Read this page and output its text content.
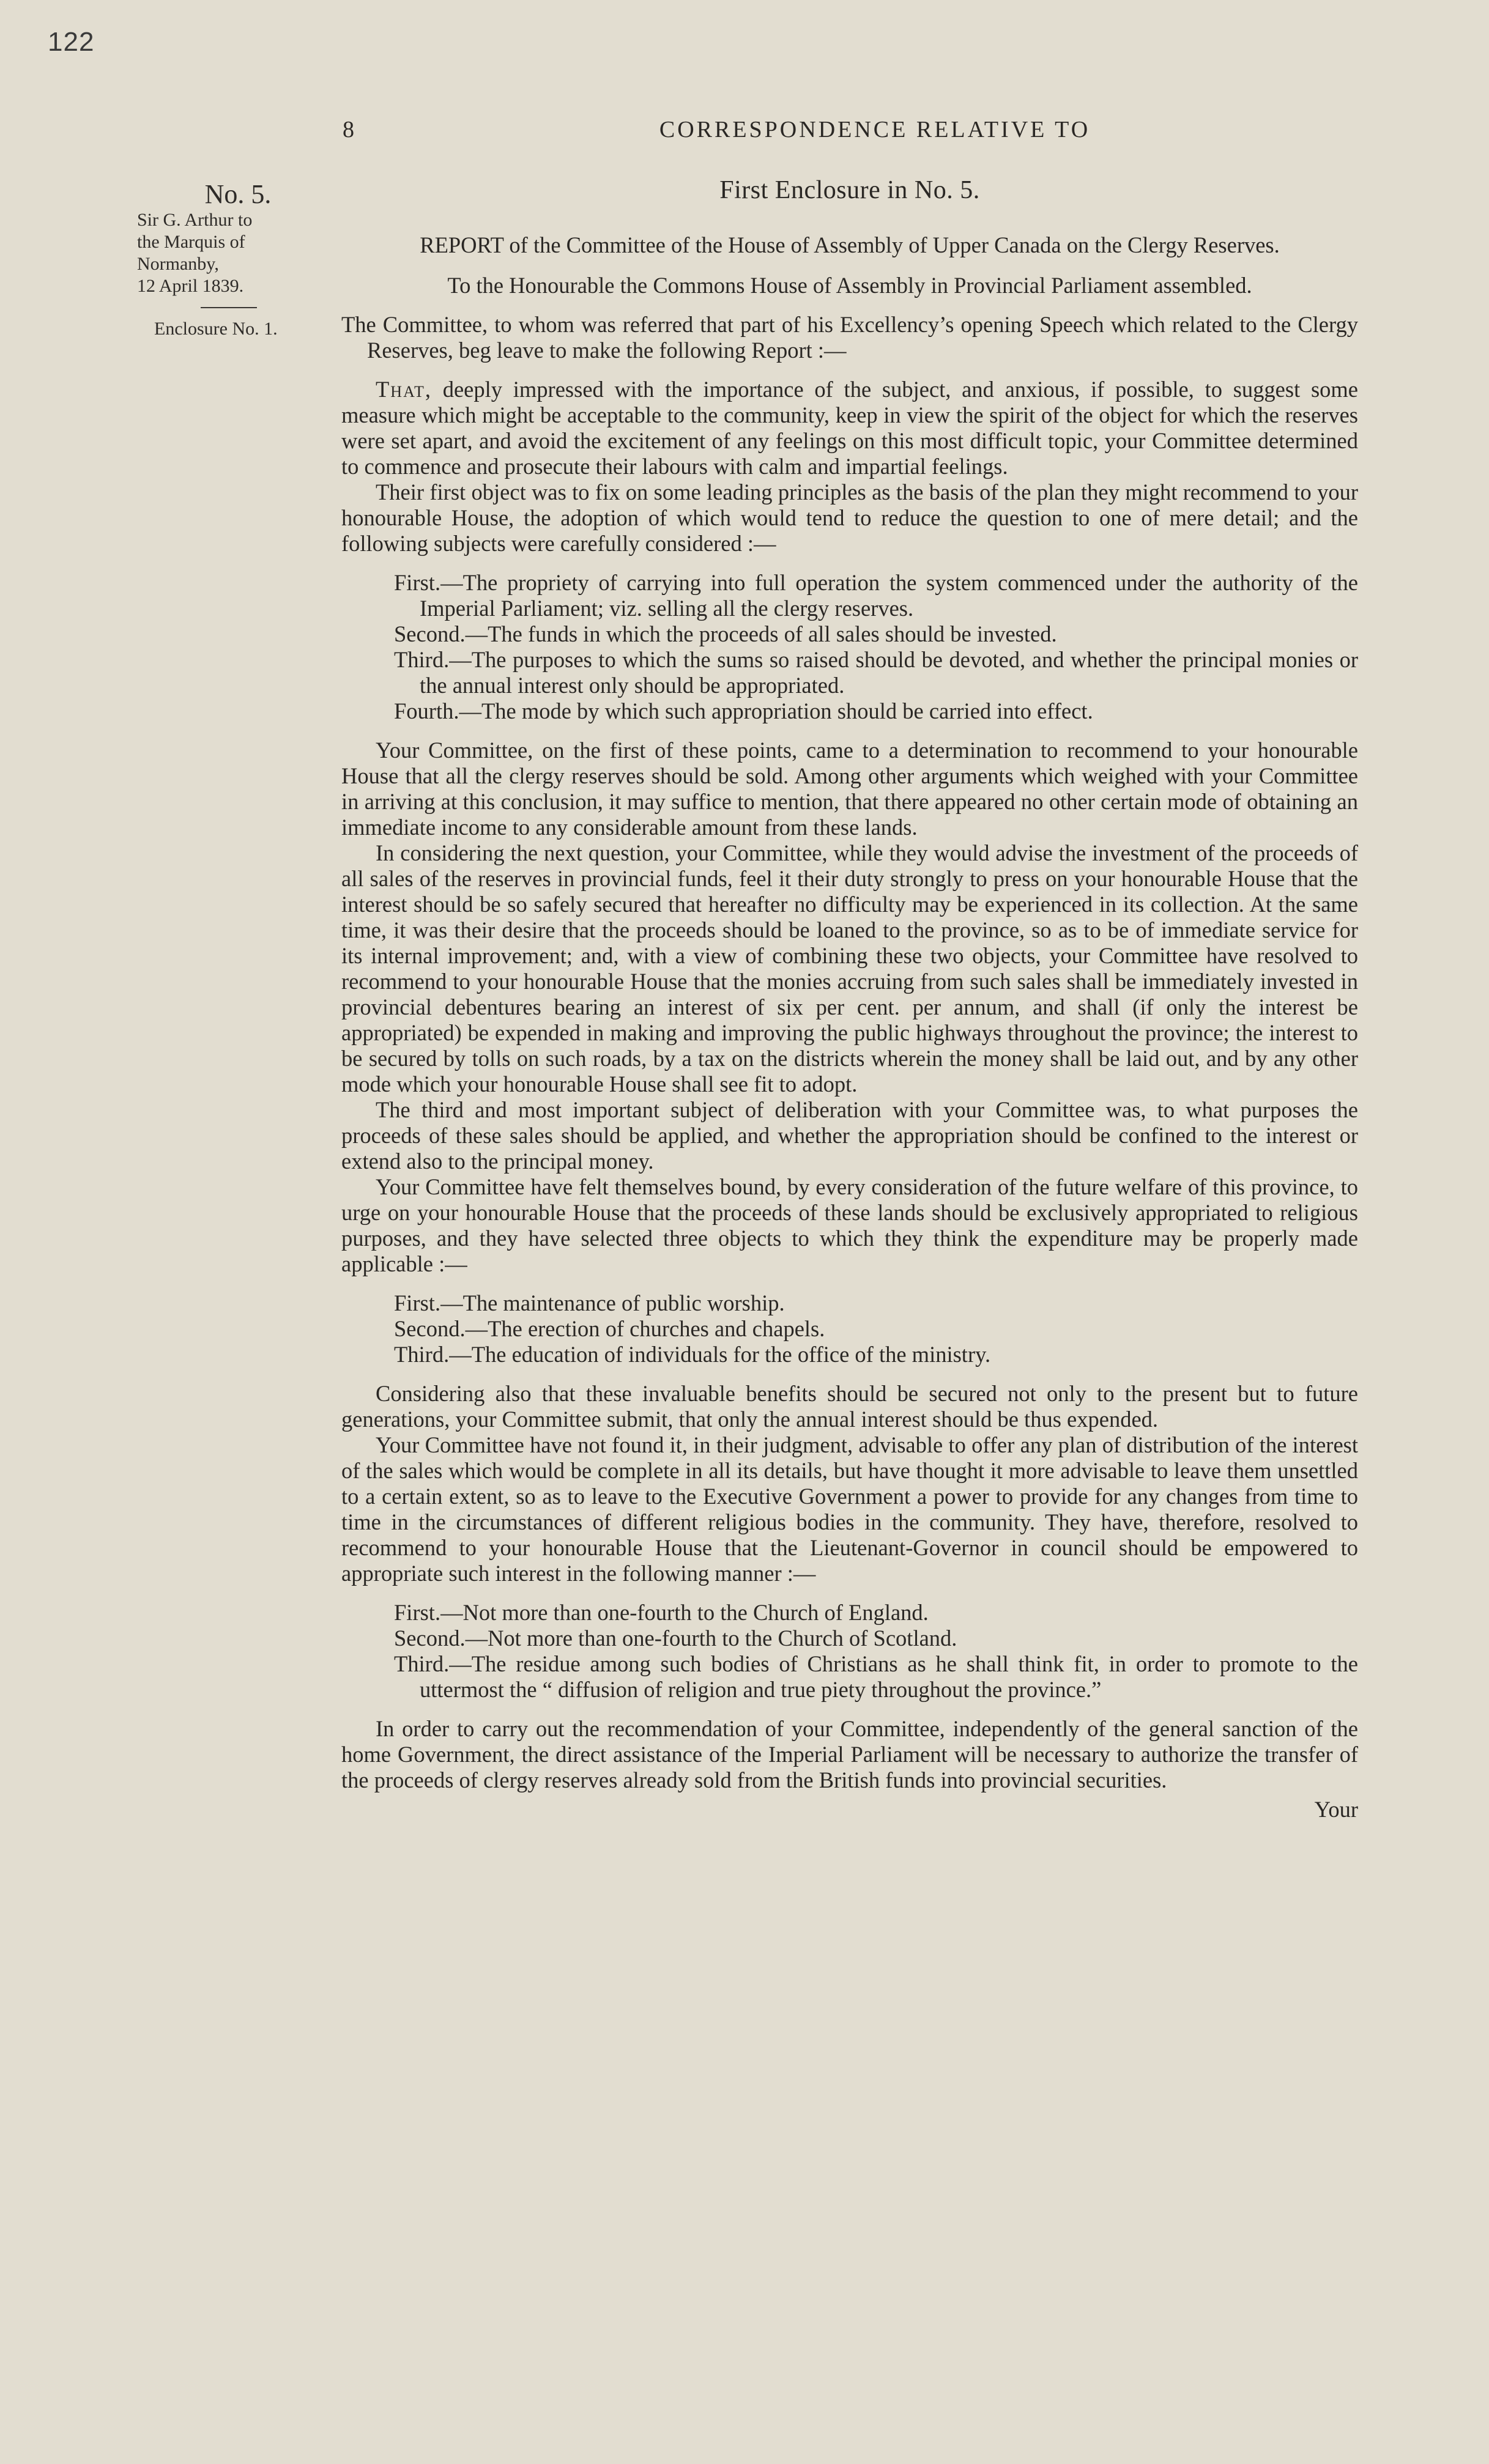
122
8	CORRESPONDENCE RELATIVE TO
No. 5.
Sir G. Arthur to
the Marquis of
Normanby,
12 April 1839.
Enclosure No. 1.
First Enclosure in No. 5.
REPORT of the Committee of the House of Assembly of Upper Canada on the Clergy Reserves.
To the Honourable the Commons House of Assembly in Provincial Parliament assembled.
The Committee, to whom was referred that part of his Excellency’s opening Speech which related to the Clergy Reserves, beg leave to make the following Report :—

That, deeply impressed with the importance of the subject, and anxious, if possible, to suggest some measure which might be acceptable to the community, keep in view the spirit of the object for which the reserves were set apart, and avoid the excitement of any feelings on this most difficult topic, your Committee determined to commence and prosecute their labours with calm and impartial feelings.

Their first object was to fix on some leading principles as the basis of the plan they might recommend to your honourable House, the adoption of which would tend to reduce the question to one of mere detail; and the following subjects were carefully considered :—

First.—The propriety of carrying into full operation the system commenced under the authority of the Imperial Parliament; viz. selling all the clergy reserves.

Second.—The funds in which the proceeds of all sales should be invested.

Third.—The purposes to which the sums so raised should be devoted, and whether the principal monies or the annual interest only should be appropriated.

Fourth.—The mode by which such appropriation should be carried into effect.

Your Committee, on the first of these points, came to a determination to recommend to your honourable House that all the clergy reserves should be sold. Among other arguments which weighed with your Committee in arriving at this conclusion, it may suffice to mention, that there appeared no other certain mode of obtaining an immediate income to any considerable amount from these lands.

In considering the next question, your Committee, while they would advise the investment of the proceeds of all sales of the reserves in provincial funds, feel it their duty strongly to press on your honourable House that the interest should be so safely secured that hereafter no difficulty may be experienced in its collection. At the same time, it was their desire that the proceeds should be loaned to the province, so as to be of immediate service for its internal improvement; and, with a view of combining these two objects, your Committee have resolved to recommend to your honourable House that the monies accruing from such sales shall be immediately invested in provincial debentures bearing an interest of six per cent. per annum, and shall (if only the interest be appropriated) be expended in making and improving the public highways throughout the province; the interest to be secured by tolls on such roads, by a tax on the districts wherein the money shall be laid out, and by any other mode which your honourable House shall see fit to adopt.

The third and most important subject of deliberation with your Committee was, to what purposes the proceeds of these sales should be applied, and whether the appropriation should be confined to the interest or extend also to the principal money.

Your Committee have felt themselves bound, by every consideration of the future welfare of this province, to urge on your honourable House that the proceeds of these lands should be exclusively appropriated to religious purposes, and they have selected three objects to which they think the expenditure may be properly made applicable :—

First.—The maintenance of public worship.

Second.—The erection of churches and chapels.

Third.—The education of individuals for the office of the ministry.

Considering also that these invaluable benefits should be secured not only to the present but to future generations, your Committee submit, that only the annual interest should be thus expended.

Your Committee have not found it, in their judgment, advisable to offer any plan of distribution of the interest of the sales which would be complete in all its details, but have thought it more advisable to leave them unsettled to a certain extent, so as to leave to the Executive Government a power to provide for any changes from time to time in the circumstances of different religious bodies in the community. They have, therefore, resolved to recommend to your honourable House that the Lieutenant-Governor in council should be empowered to appropriate such interest in the following manner :—

First.—Not more than one-fourth to the Church of England.

Second.—Not more than one-fourth to the Church of Scotland.

Third.—The residue among such bodies of Christians as he shall think fit, in order to promote to the uttermost the “ diffusion of religion and true piety throughout the province.”

In order to carry out the recommendation of your Committee, independently of the general sanction of the home Government, the direct assistance of the Imperial Parliament will be necessary to authorize the transfer of the proceeds of clergy reserves already sold from the British funds into provincial securities.

Your
